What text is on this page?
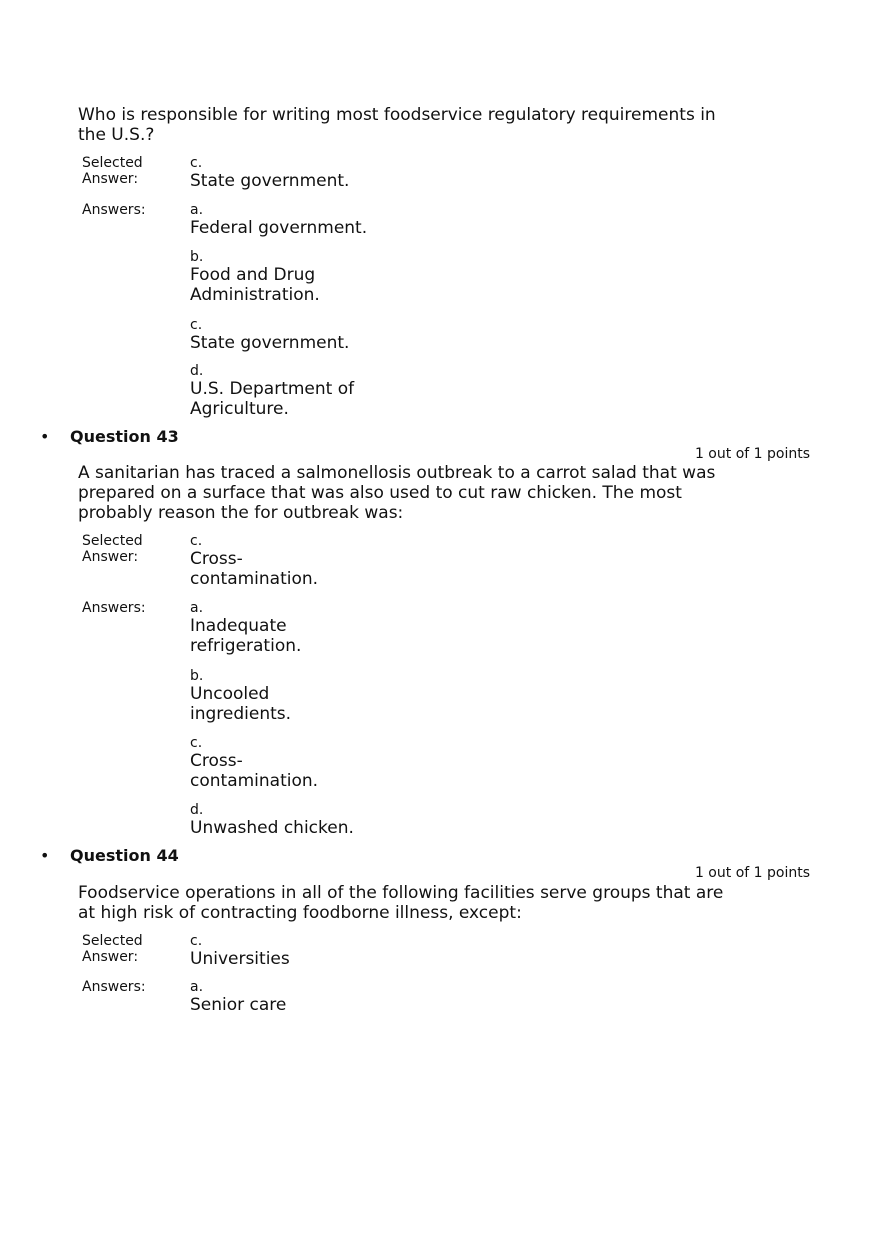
Who is responsible for writing most foodservice regulatory requirements in the U.S.?

Selected Answer:
c.
State government.
Answers:	a.
Federal government.
b.
Food and Drug Administration.
c.
State government.
d.
U.S. Department of Agriculture.
• Question 43
1 out of 1 points

A sanitarian has traced a salmonellosis outbreak to a carrot salad that was prepared on a surface that was also used to cut raw chicken. The most probably reason the for outbreak was:

Selected Answer:
c.
Cross-contamination.
Answers:	a.
Inadequate refrigeration.
b.
Uncooled ingredients.
c.
Cross-contamination.
d.
Unwashed chicken.
• Question 44
1 out of 1 points

Foodservice operations in all of the following facilities serve groups that are at high risk of contracting foodborne illness, except:

Selected Answer:
c.
Universities
Answers:	a.
Senior care
